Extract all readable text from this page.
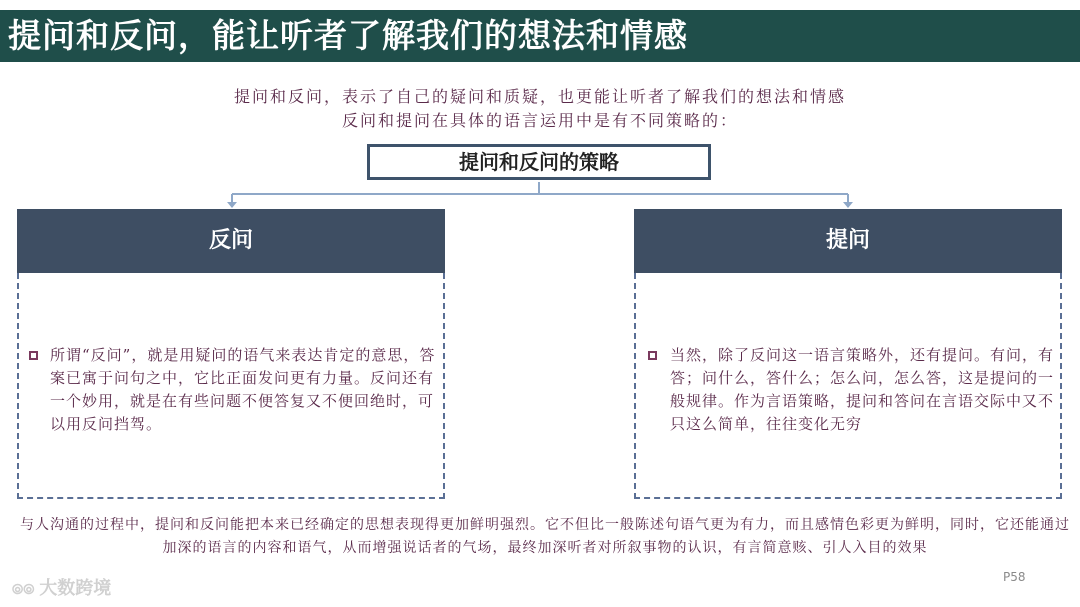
提问和反问，能让听者了解我们的想法和情感
提问和反问，表示了自己的疑问和质疑，也更能让听者了解我们的想法和情感
反问和提问在具体的语言运用中是有不同策略的：
提问和反问的策略
反问
所谓“反问”，就是用疑问的语气来表达肯定的意思，答案已寓于问句之中，它比正面发问更有力量。反问还有一个妙用，就是在有些问题不便答复又不便回绝时，可以用反问挡驾。
提问
当然，除了反问这一语言策略外，还有提问。有问，有答；问什么，答什么；怎么问，怎么答，这是提问的一般规律。作为言语策略，提问和答问在言语交际中又不只这么简单，往往变化无穷
与人沟通的过程中，提问和反问能把本来已经确定的思想表现得更加鲜明强烈。它不但比一般陈述句语气更为有力，而且感情色彩更为鲜明，同时，它还能通过加深的语言的内容和语气，从而增强说话者的气场，最终加深听者对所叙事物的认识，有言简意赅、引人入目的效果
⦾⦾ 大数跨境
P58
